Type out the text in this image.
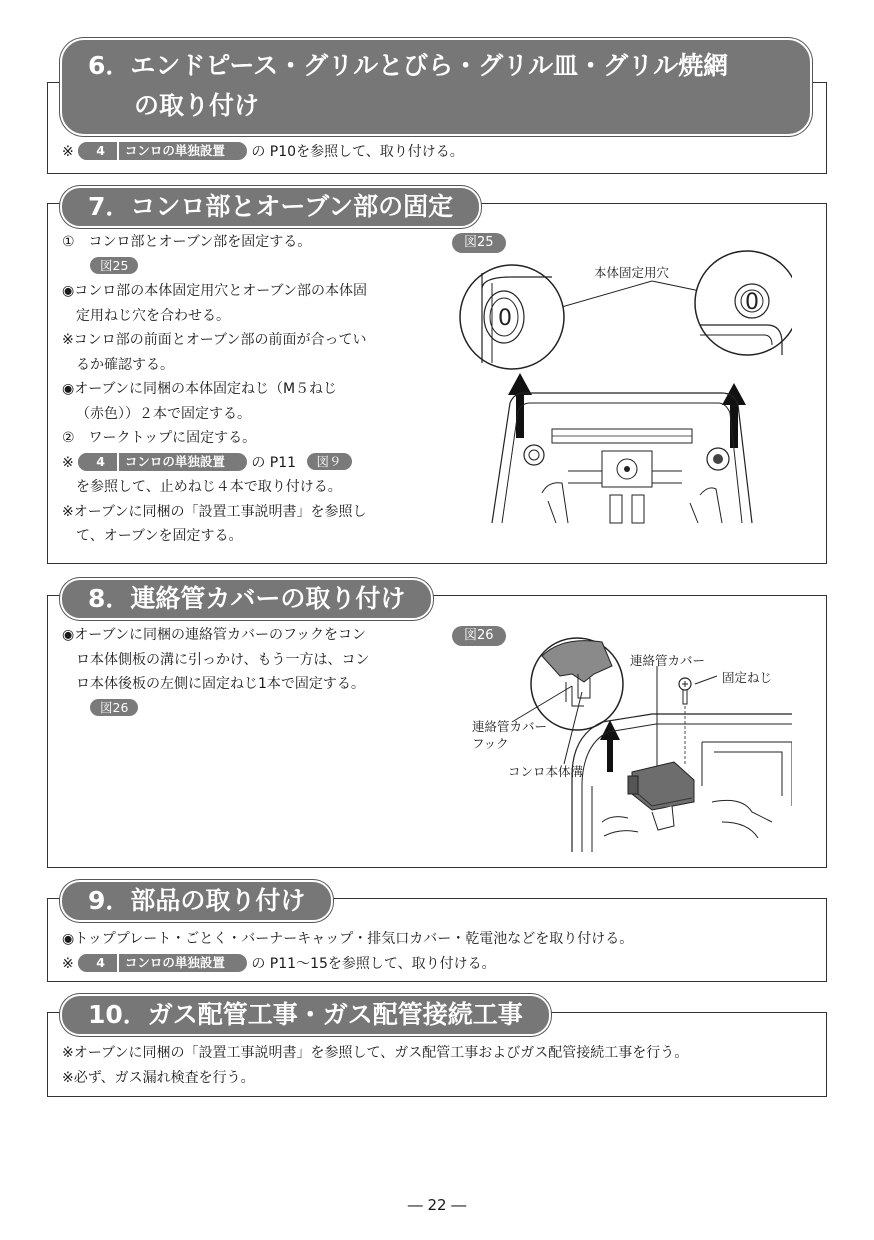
6．エンドピース・グリルとびら・グリル皿・グリル焼網
の取り付け
※	4	コンロの単独設置	の P10を参照して、取り付ける。
7．コンロ部とオーブン部の固定
①　コンロ部とオーブン部を固定する。
図25
◉コンロ部の本体固定用穴とオーブン部の本体固
定用ねじ穴を合わせる。
※コンロ部の前面とオーブン部の前面が合ってい
るか確認する。
◉オーブンに同梱の本体固定ねじ（M５ねじ
（赤色））２本で固定する。
②　ワークトップに固定する。
※	4	コンロの単独設置	の P11 図９
を参照して、止めねじ４本で取り付ける。
※オーブンに同梱の「設置工事説明書」を参照し
て、オーブンを固定する。
図25
本体固定用穴
0
0
8．連絡管カバーの取り付け
◉オーブンに同梱の連絡管カバーのフックをコン
ロ本体側板の溝に引っかけ、もう一方は、コン
ロ本体後板の左側に固定ねじ1本で固定する。
図26
図26
連絡管カバー
固定ねじ
連絡管カバー
フック
コンロ本体溝
9．部品の取り付け
◉トッププレート・ごとく・バーナーキャップ・排気口カバー・乾電池などを取り付ける。
※	4	コンロの単独設置	の P11～15を参照して、取り付ける。
10．ガス配管工事・ガス配管接続工事
※オーブンに同梱の「設置工事説明書」を参照して、ガス配管工事およびガス配管接続工事を行う。
※必ず、ガス漏れ検査を行う。
― 22 ―
